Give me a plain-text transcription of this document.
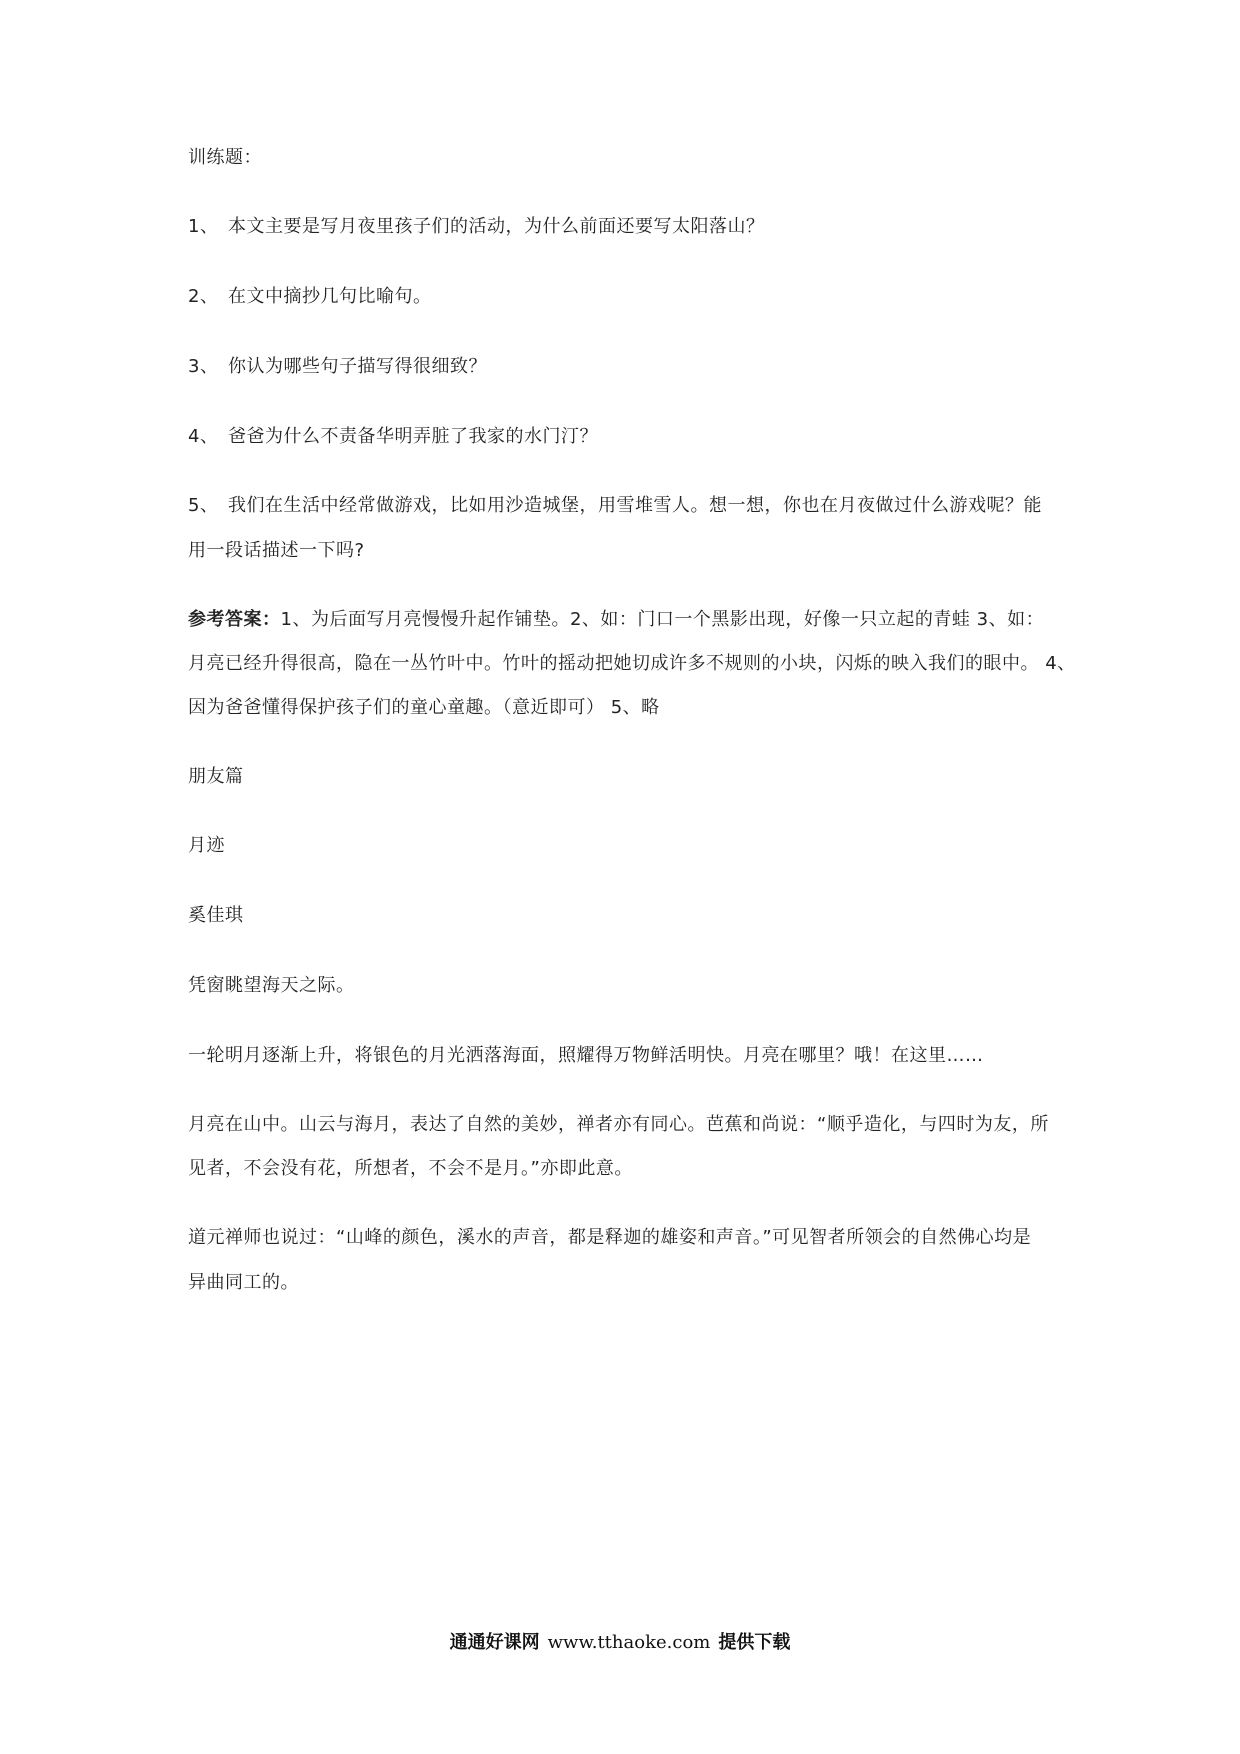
训练题：
1、 本文主要是写月夜里孩子们的活动，为什么前面还要写太阳落山？
2、 在文中摘抄几句比喻句。
3、 你认为哪些句子描写得很细致？
4、 爸爸为什么不责备华明弄脏了我家的水门汀？
5、 我们在生活中经常做游戏，比如用沙造城堡，用雪堆雪人。想一想，你也在月夜做过什么游戏呢？能
用一段话描述一下吗?
参考答案：1、为后面写月亮慢慢升起作铺垫。2、如：门口一个黑影出现，好像一只立起的青蛙 3、如：
月亮已经升得很高，隐在一丛竹叶中。竹叶的摇动把她切成许多不规则的小块，闪烁的映入我们的眼中。 4、
因为爸爸懂得保护孩子们的童心童趣。（意近即可） 5、略
朋友篇
月迹
奚佳琪
凭窗眺望海天之际。
一轮明月逐渐上升，将银色的月光洒落海面，照耀得万物鲜活明快。月亮在哪里？哦！在这里……
月亮在山中。山云与海月，表达了自然的美妙，禅者亦有同心。芭蕉和尚说：“顺乎造化，与四时为友，所
见者，不会没有花，所想者，不会不是月。”亦即此意。
道元禅师也说过：“山峰的颜色，溪水的声音，都是释迦的雄姿和声音。”可见智者所领会的自然佛心均是
异曲同工的。
通通好课网 www.tthaoke.com 提供下载
